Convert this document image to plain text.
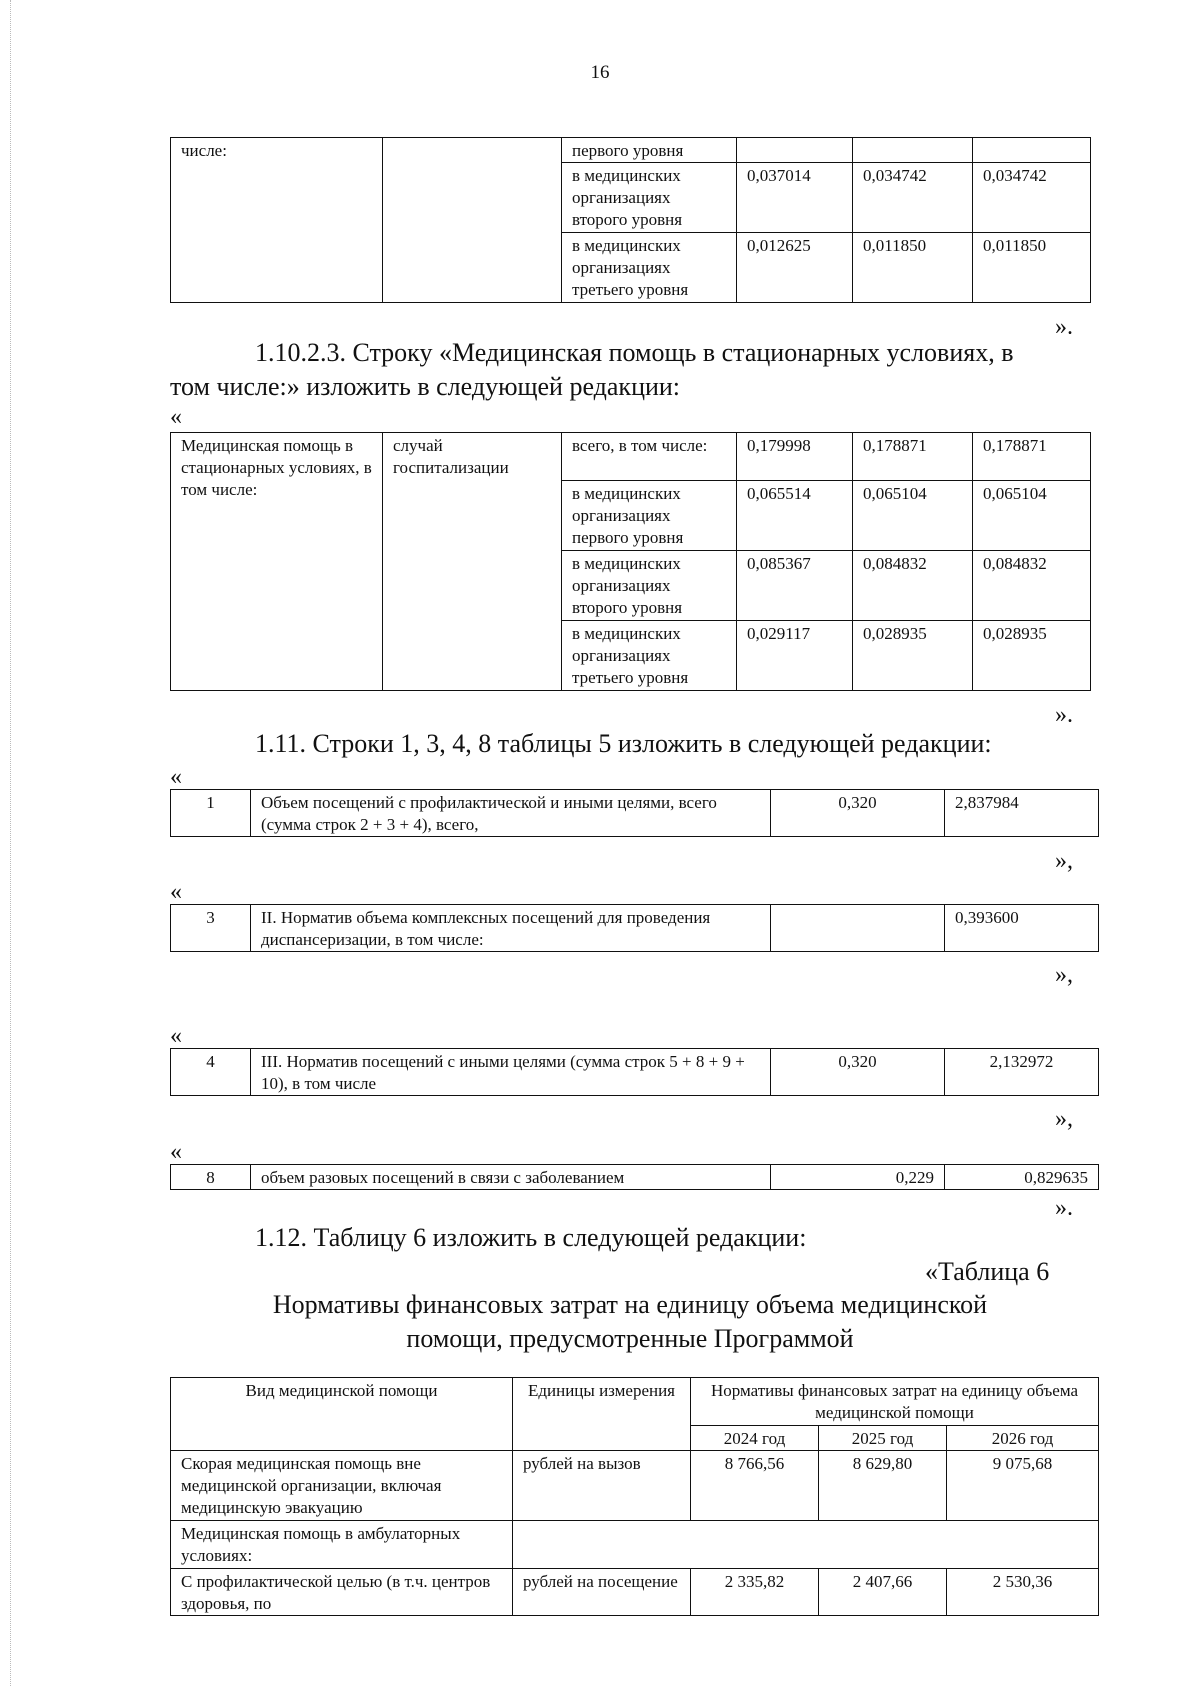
16
числе:		первого уровня			
		в медицинских организациях второго уровня	0,037014	0,034742	0,034742
		в медицинских организациях третьего уровня	0,012625	0,011850	0,011850
».
1.10.2.3. Строку «Медицинская помощь в стационарных условиях, в
том числе:» изложить в следующей редакции:
«
Медицинская помощь в стационарных условиях, в том числе:	случай госпитализации	всего, в том числе:	0,179998	0,178871	0,178871
		в медицинских организациях первого уровня	0,065514	0,065104	0,065104
		в медицинских организациях второго уровня	0,085367	0,084832	0,084832
		в медицинских организациях третьего уровня	0,029117	0,028935	0,028935
».
1.11. Строки 1, 3, 4, 8 таблицы 5 изложить в следующей редакции:
«
1	Объем посещений с профилактической и иными целями, всего (сумма строк 2 + 3 + 4), всего,	0,320	2,837984
»,
«
3	II. Норматив объема комплексных посещений для проведения диспансеризации, в том числе:		0,393600
»,
«
4	III. Норматив посещений с иными целями (сумма строк 5 + 8 + 9 + 10), в том числе	0,320	2,132972
»,
«
8	объем разовых посещений в связи с заболеванием	0,229	0,829635
».
1.12. Таблицу 6 изложить в следующей редакции:
«Таблица 6
Нормативы финансовых затрат на единицу объема медицинской
помощи, предусмотренные Программой
Вид медицинской помощи	Единицы измерения	Нормативы финансовых затрат на единицу объема медицинской помощи		
		2024 год	2025 год	2026 год
Скорая медицинская помощь вне медицинской организации, включая медицинскую эвакуацию	рублей на вызов	8 766,56	8 629,80	9 075,68
Медицинская помощь в амбулаторных условиях:				
С профилактической целью (в т.ч. центров здоровья, по	рублей на посещение	2 335,82	2 407,66	2 530,36
